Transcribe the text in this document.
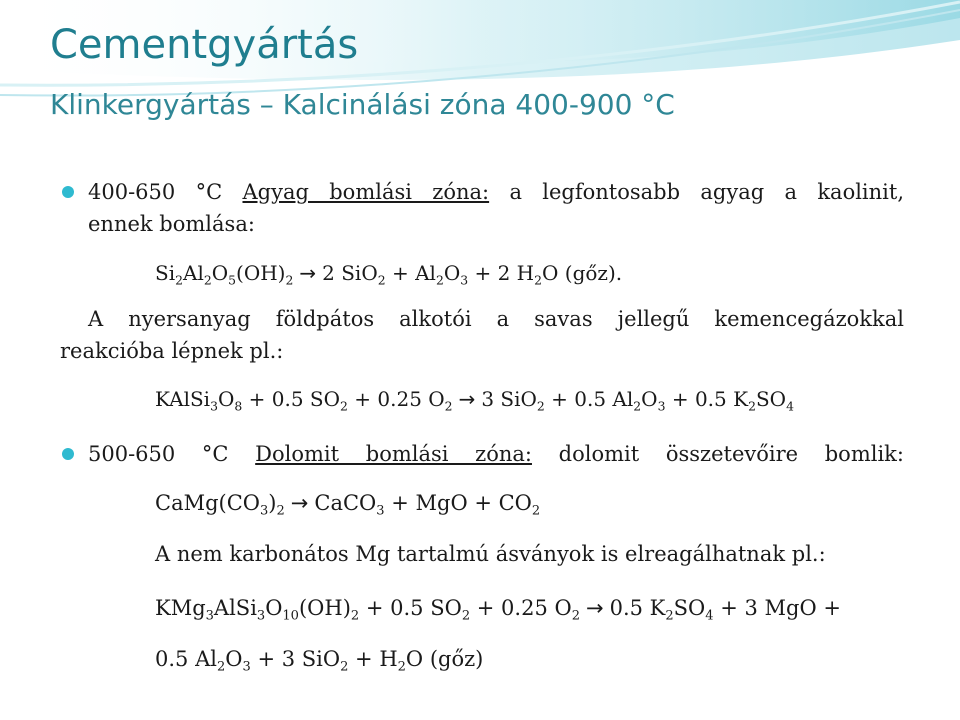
Cementgyártás
Klinkergyártás – Kalcinálási zóna 400-900 °C
400-650 °C Agyag bomlási zóna: a legfontosabb agyag a kaolinit,
ennek bomlása:
$Si_2Al_2O_5(OH)_2 \to 2$ $SiO_2 + Al_2O_3 + 2$ $H_2O$ (gőz).
A nyersanyag földpátos alkotói a savas jellegű kemencegázokkal
reakcióba lépnek pl.:
$KAlSi_3O_8 + 0.5$ $SO_2 + 0.25$ $O_2 \to 3$ SiO$_2$ + 0.5 $Al_2O_3 + 0.5$ $K_2SO_4$
500-650 °C Dolomit bomlási zóna: dolomit összetevőire bomlik:
$CaMg(CO_3)_2$ → CaCO$_3$ + MgO + $CO_2$
A nem karbonátos Mg tartalmú ásványok is elreagálhatnak pl.:
$KMg_3AlSi_3O_{10}(OH)_2 + 0.5$ $SO_2 + 0.25$ $O_2 \to 0.5$ $K_2SO_4 + 3$ MgO +
0.5 $Al_2O_3 + 3$ $SiO_2 + H_2O$ (gőz)
